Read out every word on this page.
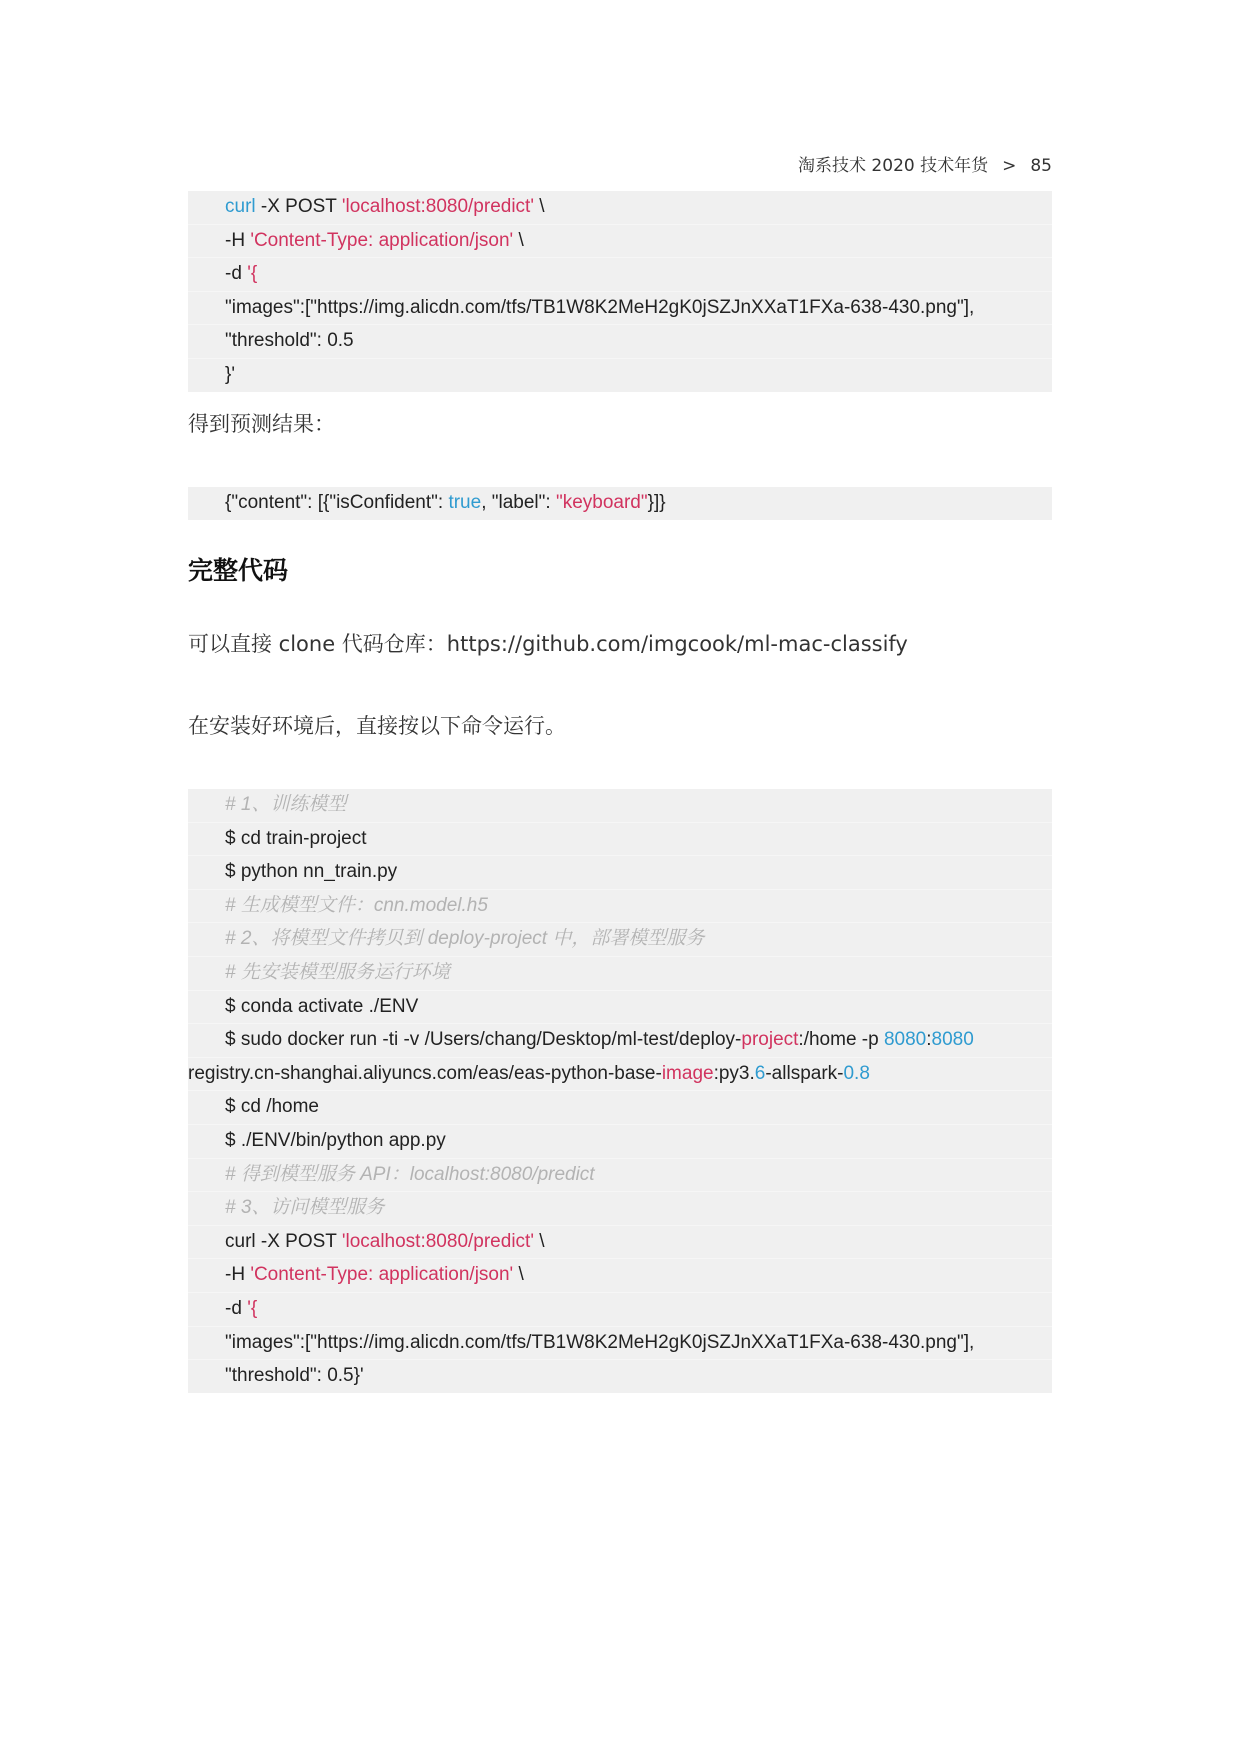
淘系技术 2020 技术年货 > 85
curl -X POST 'localhost:8080/predict' \
-H 'Content-Type: application/json' \
-d '{
"images":["https://img.alicdn.com/tfs/TB1W8K2MeH2gK0jSZJnXXaT1FXa-638-430.png"],
"threshold": 0.5
}'
得到预测结果：
{"content": [{"isConfident": true, "label": "keyboard"}]}
完整代码
可以直接 clone 代码仓库：https://github.com/imgcook/ml-mac-classify
在安装好环境后，直接按以下命令运行。
# 1、训练模型
$ cd train-project
$ python nn_train.py
# 生成模型文件：cnn.model.h5
# 2、将模型文件拷贝到 deploy-project 中，部署模型服务
# 先安装模型服务运行环境
$ conda activate ./ENV
$ sudo docker run -ti -v /Users/chang/Desktop/ml-test/deploy-project:/home -p 8080:8080
registry.cn-shanghai.aliyuncs.com/eas/eas-python-base-image:py3.6-allspark-0.8
$ cd /home
$ ./ENV/bin/python app.py
# 得到模型服务 API：localhost:8080/predict
# 3、访问模型服务
curl -X POST 'localhost:8080/predict' \
-H 'Content-Type: application/json' \
-d '{
"images":["https://img.alicdn.com/tfs/TB1W8K2MeH2gK0jSZJnXXaT1FXa-638-430.png"],
"threshold": 0.5}'
